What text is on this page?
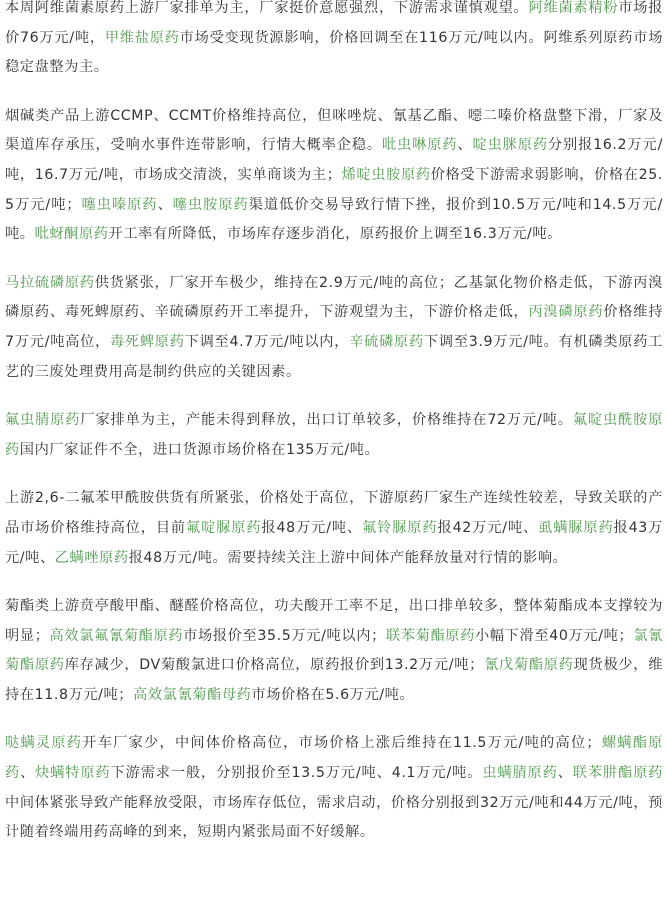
本周阿维菌素原药上游厂家排单为主，厂家挺价意愿强烈，下游需求谨慎观望。阿维菌素精粉市场报价76万元/吨，甲维盐原药市场受变现货源影响，价格回调至在116万元/吨以内。阿维系列原药市场稳定盘整为主。

烟碱类产品上游CCMP、CCMT价格维持高位，但咪唑烷、氰基乙酯、噁二嗪价格盘整下滑，厂家及渠道库存承压，受响水事件连带影响，行情大概率企稳。吡虫啉原药、啶虫脒原药分别报16.2万元/吨，16.7万元/吨，市场成交清淡，实单商谈为主；烯啶虫胺原药价格受下游需求弱影响，价格在25.5万元/吨；噻虫嗪原药、噻虫胺原药渠道低价交易导致行情下挫，报价到10.5万元/吨和14.5万元/吨。吡蚜酮原药开工率有所降低，市场库存逐步消化，原药报价上调至16.3万元/吨。

马拉硫磷原药供货紧张，厂家开车极少，维持在2.9万元/吨的高位；乙基氯化物价格走低，下游丙溴磷原药、毒死蜱原药、辛硫磷原药开工率提升，下游观望为主，下游价格走低，丙溴磷原药价格维持7万元/吨高位，毒死蜱原药下调至4.7万元/吨以内，辛硫磷原药下调至3.9万元/吨。有机磷类原药工艺的三废处理费用高是制约供应的关键因素。

氟虫腈原药厂家排单为主，产能未得到释放，出口订单较多，价格维持在72万元/吨。氟啶虫酰胺原药国内厂家证件不全，进口货源市场价格在135万元/吨。

上游2,6-二氟苯甲酰胺供货有所紧张，价格处于高位，下游原药厂家生产连续性较差，导致关联的产品市场价格维持高位，目前氟啶脲原药报48万元/吨、氟铃脲原药报42万元/吨、虱螨脲原药报43万元/吨、乙螨唑原药报48万元/吨。需要持续关注上游中间体产能释放量对行情的影响。

菊酯类上游贲亭酸甲酯、醚醛价格高位，功夫酸开工率不足，出口排单较多，整体菊酯成本支撑较为明显；高效氯氟氰菊酯原药市场报价至35.5万元/吨以内；联苯菊酯原药小幅下滑至40万元/吨；氯氰菊酯原药库存减少，DV菊酸氯进口价格高位，原药报价到13.2万元/吨；氰戊菊酯原药现货极少，维持在11.8万元/吨；高效氯氰菊酯母药市场价格在5.6万元/吨。

哒螨灵原药开车厂家少，中间体价格高位，市场价格上涨后维持在11.5万元/吨的高位；螺螨酯原药、炔螨特原药下游需求一般，分别报价至13.5万元/吨、4.1万元/吨。虫螨腈原药、联苯肼酯原药中间体紧张导致产能释放受限，市场库存低位，需求启动，价格分别报到32万元/吨和44万元/吨，预计随着终端用药高峰的到来，短期内紧张局面不好缓解。
